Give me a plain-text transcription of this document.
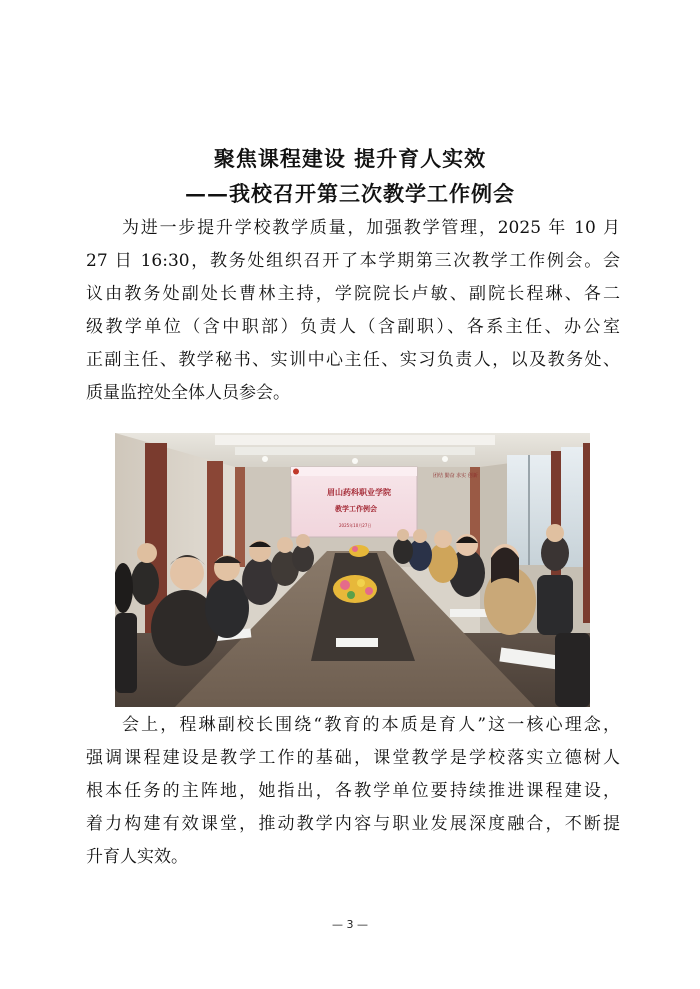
聚焦课程建设 提升育人实效
——我校召开第三次教学工作例会
为进一步提升学校教学质量，加强教学管理，2025 年 10 月
27 日 16:30，教务处组织召开了本学期第三次教学工作例会。会
议由教务处副处长曹林主持，学院院长卢敏、副院长程琳、各二
级教学单位（含中职部）负责人（含副职）、各系主任、办公室
正副主任、教学秘书、实训中心主任、实习负责人，以及教务处、
质量监控处全体人员参会。
眉山药科职业学院
教学工作例会
2025年10月27日
团结 勤奋 求实 创新
会上，程琳副校长围绕“教育的本质是育人”这一核心理念，
强调课程建设是教学工作的基础，课堂教学是学校落实立德树人
根本任务的主阵地，她指出，各教学单位要持续推进课程建设，
着力构建有效课堂，推动教学内容与职业发展深度融合，不断提
升育人实效。
— 3 —
